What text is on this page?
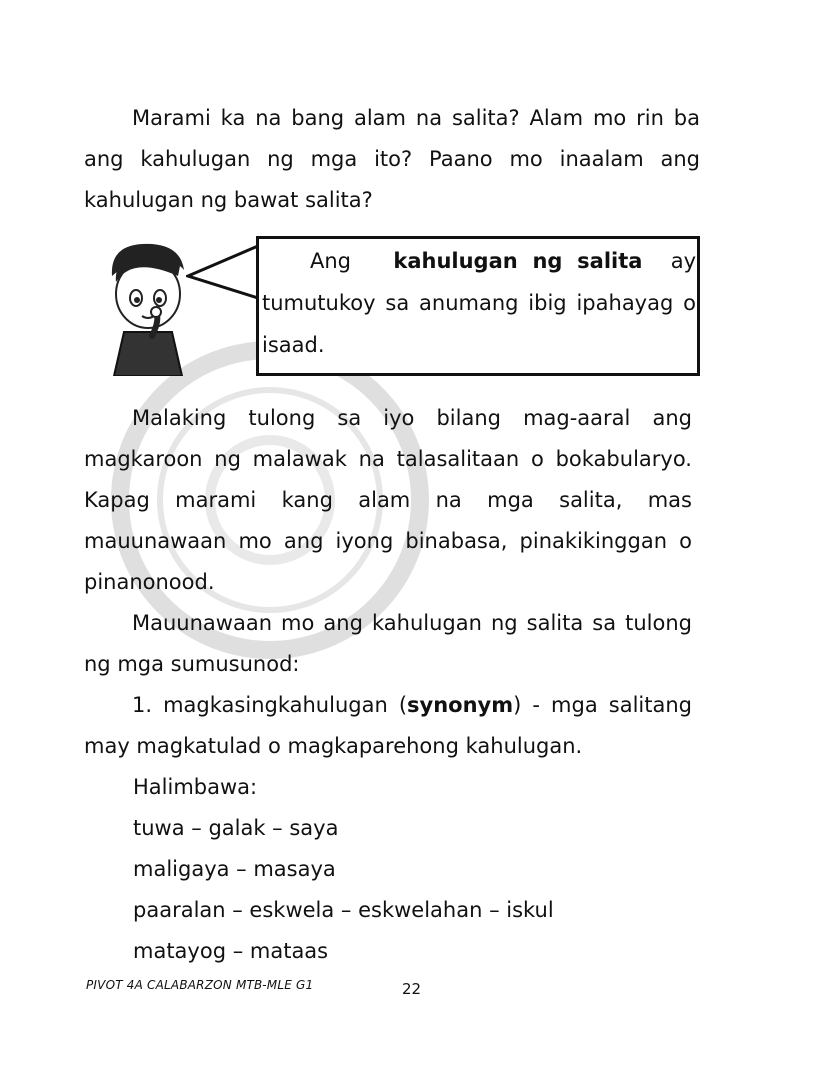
Marami ka na bang alam na salita? Alam mo rin ba ang kahulugan ng mga ito? Paano mo inaalam ang kahulugan ng bawat salita?

Ang kahulugan ng salita ay tumutukoy sa anumang ibig ipahayag o isaad.

Malaking tulong sa iyo bilang mag-aaral ang magkaroon ng malawak na talasalitaan o bokabularyo. Kapag marami kang alam na mga salita, mas mauunawaan mo ang iyong binabasa, pinakikinggan o pinanonood.

Mauunawaan mo ang kahulugan ng salita sa tulong ng mga sumusunod:

1. magkasingkahulugan (synonym) - mga salitang may magkatulad o magkaparehong kahulugan.

Halimbawa:

tuwa – galak – saya

maligaya – masaya

paaralan – eskwela – eskwelahan – iskul

matayog – mataas

PIVOT 4A CALABARZON MTB-MLE G1	22
